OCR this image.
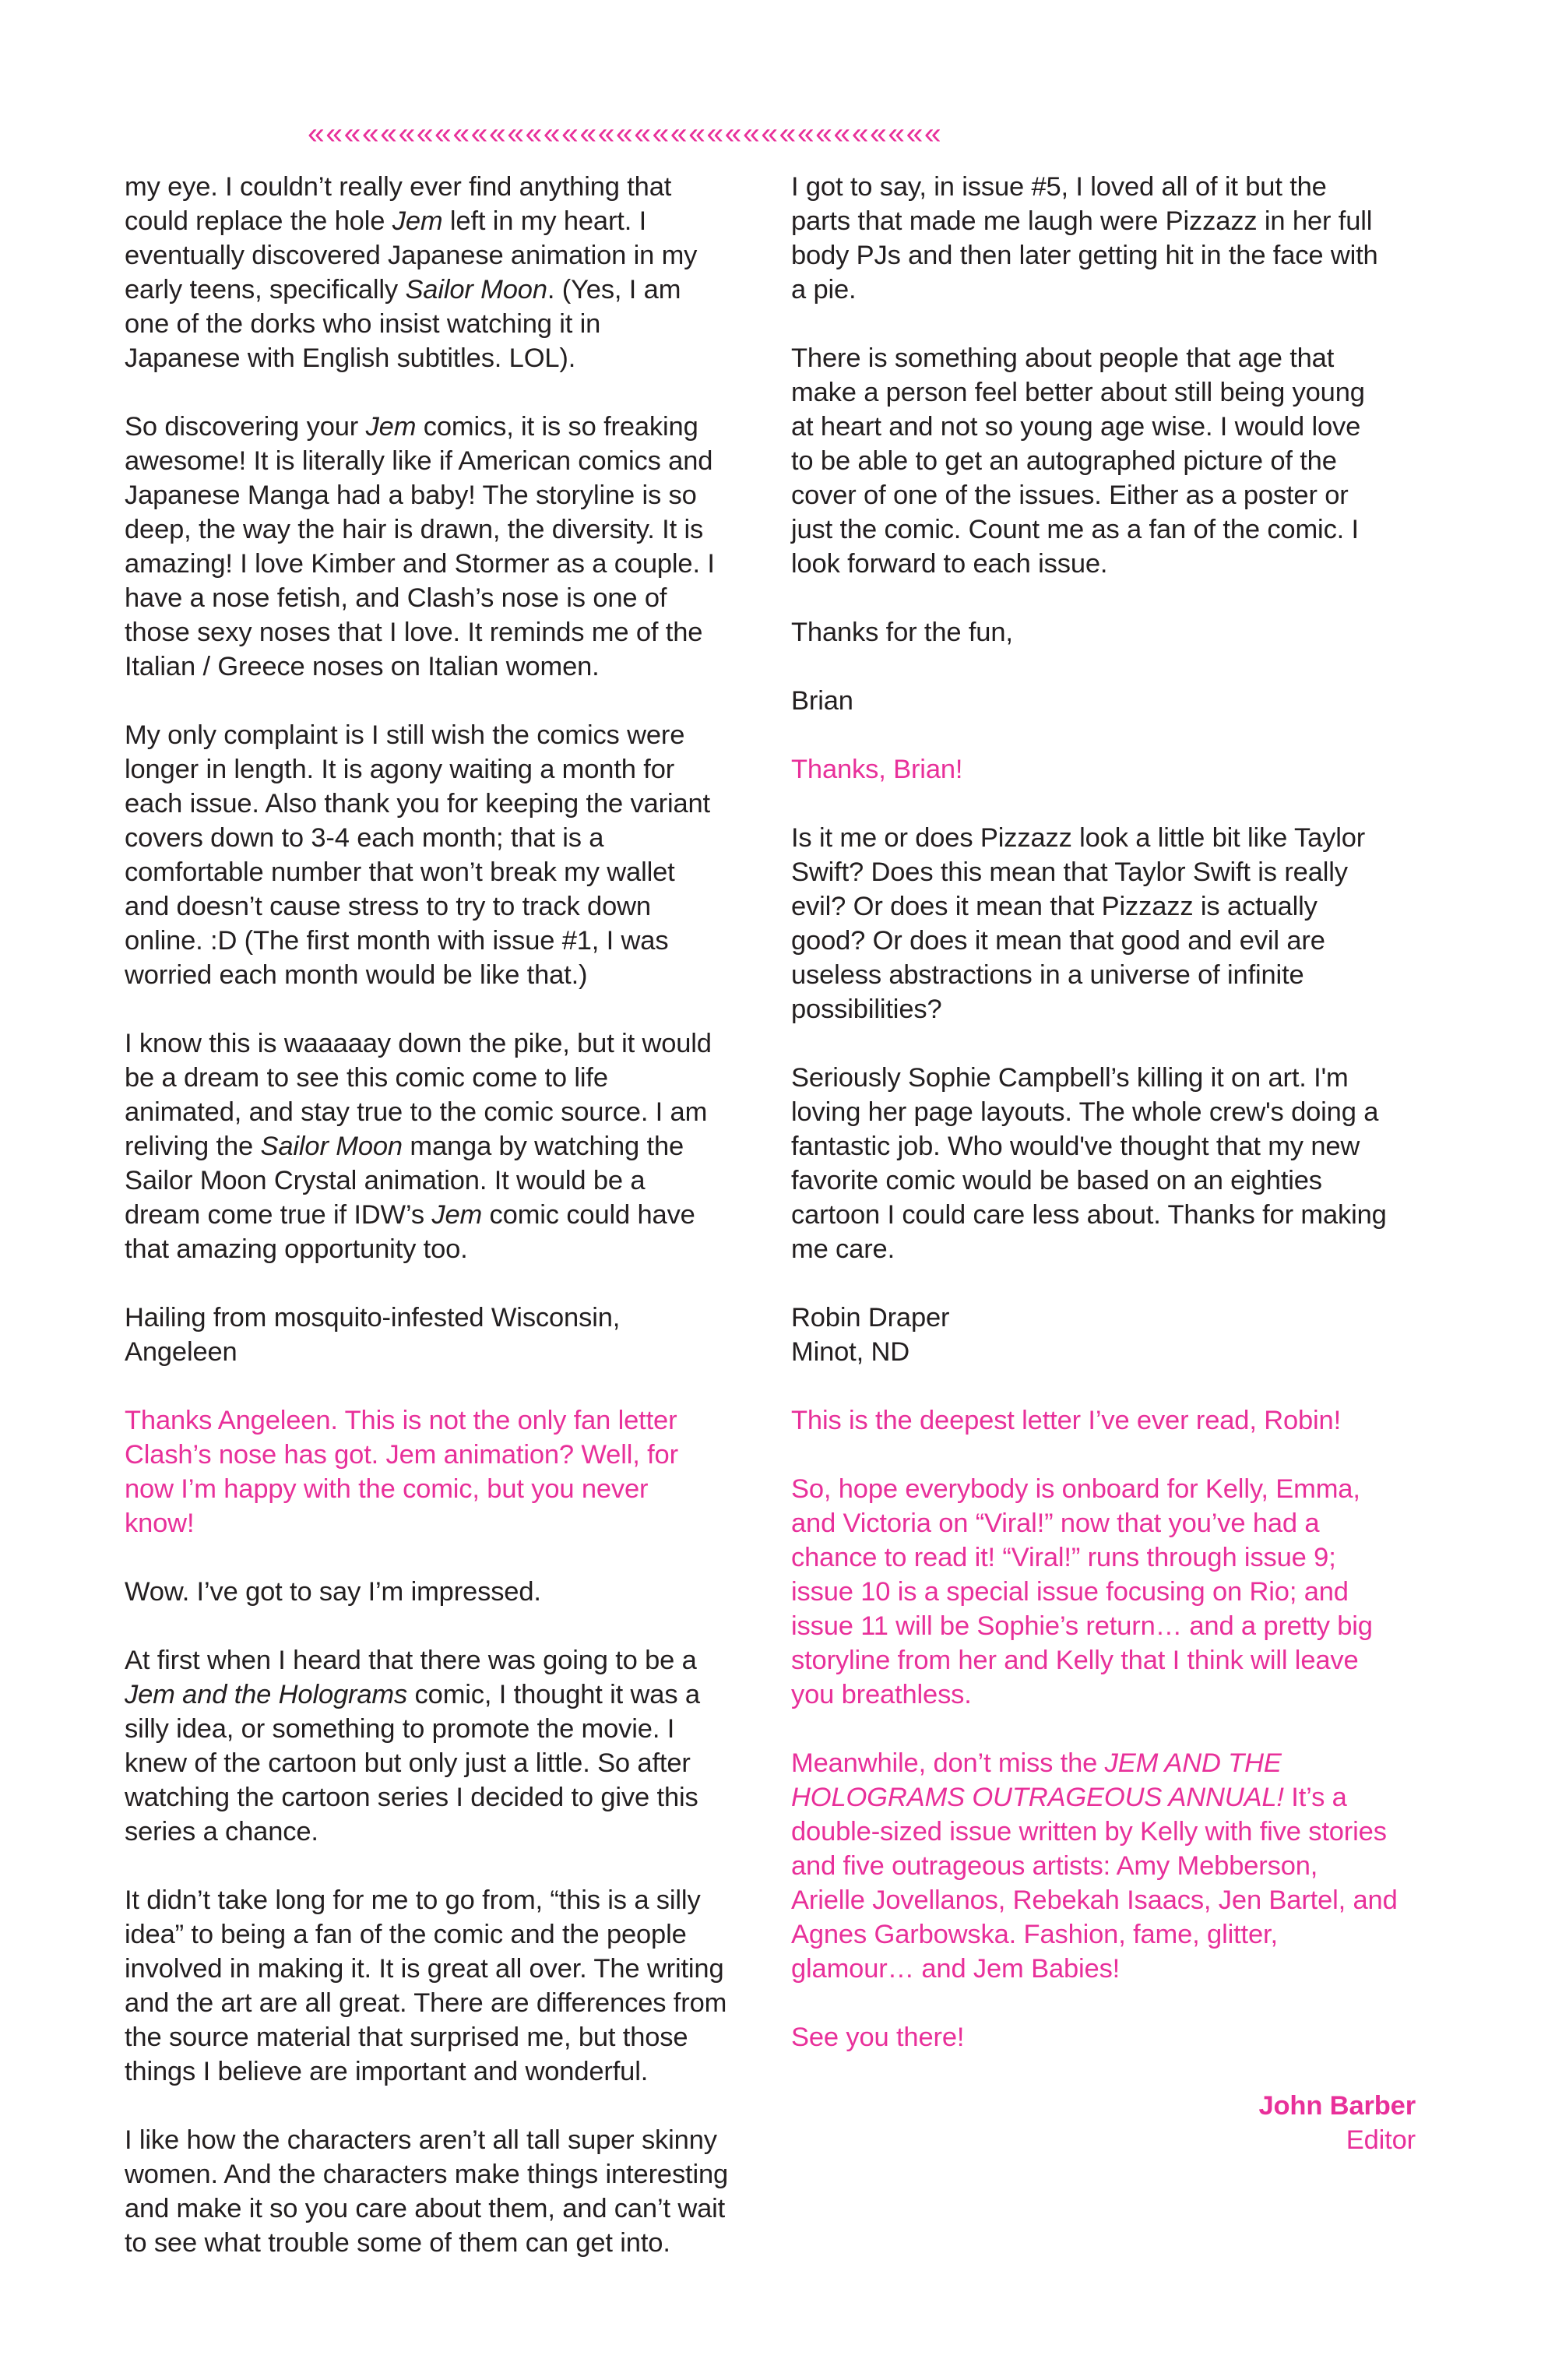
«««««««««««««««««««««««««««««««««««

my eye. I couldn’t really ever find anything that
could replace the hole Jem left in my heart. I
eventually discovered Japanese animation in my
early teens, specifically Sailor Moon. (Yes, I am
one of the dorks who insist watching it in
Japanese with English subtitles. LOL).

So discovering your Jem comics, it is so freaking
awesome! It is literally like if American comics and
Japanese Manga had a baby! The storyline is so
deep, the way the hair is drawn, the diversity. It is
amazing! I love Kimber and Stormer as a couple. I
have a nose fetish, and Clash’s nose is one of
those sexy noses that I love. It reminds me of the
Italian / Greece noses on Italian women.

My only complaint is I still wish the comics were
longer in length. It is agony waiting a month for
each issue. Also thank you for keeping the variant
covers down to 3-4 each month; that is a
comfortable number that won’t break my wallet
and doesn’t cause stress to try to track down
online. :D (The first month with issue #1, I was
worried each month would be like that.)

I know this is waaaaay down the pike, but it would
be a dream to see this comic come to life
animated, and stay true to the comic source. I am
reliving the Sailor Moon manga by watching the
Sailor Moon Crystal animation. It would be a
dream come true if IDW’s Jem comic could have
that amazing opportunity too.

Hailing from mosquito-infested Wisconsin,
Angeleen

Thanks Angeleen. This is not the only fan letter
Clash’s nose has got. Jem animation? Well, for
now I’m happy with the comic, but you never
know!

Wow. I’ve got to say I’m impressed.

At first when I heard that there was going to be a
Jem and the Holograms comic, I thought it was a
silly idea, or something to promote the movie. I
knew of the cartoon but only just a little. So after
watching the cartoon series I decided to give this
series a chance.

It didn’t take long for me to go from, “this is a silly
idea” to being a fan of the comic and the people
involved in making it. It is great all over. The writing
and the art are all great. There are differences from
the source material that surprised me, but those
things I believe are important and wonderful.

I like how the characters aren’t all tall super skinny
women. And the characters make things interesting
and make it so you care about them, and can’t wait
to see what trouble some of them can get into.

I got to say, in issue #5, I loved all of it but the
parts that made me laugh were Pizzazz in her full
body PJs and then later getting hit in the face with
a pie.

There is something about people that age that
make a person feel better about still being young
at heart and not so young age wise. I would love
to be able to get an autographed picture of the
cover of one of the issues. Either as a poster or
just the comic. Count me as a fan of the comic. I
look forward to each issue.

Thanks for the fun,

Brian

Thanks, Brian!

Is it me or does Pizzazz look a little bit like Taylor
Swift? Does this mean that Taylor Swift is really
evil? Or does it mean that Pizzazz is actually
good? Or does it mean that good and evil are
useless abstractions in a universe of infinite
possibilities?

Seriously Sophie Campbell’s killing it on art. I'm
loving her page layouts. The whole crew's doing a
fantastic job. Who would've thought that my new
favorite comic would be based on an eighties
cartoon I could care less about. Thanks for making
me care.

Robin Draper
Minot, ND

This is the deepest letter I’ve ever read, Robin!

So, hope everybody is onboard for Kelly, Emma,
and Victoria on “Viral!” now that you’ve had a
chance to read it! “Viral!” runs through issue 9;
issue 10 is a special issue focusing on Rio; and
issue 11 will be Sophie’s return… and a pretty big
storyline from her and Kelly that I think will leave
you breathless.

Meanwhile, don’t miss the JEM AND THE
HOLOGRAMS OUTRAGEOUS ANNUAL! It’s a
double-sized issue written by Kelly with five stories
and five outrageous artists: Amy Mebberson,
Arielle Jovellanos, Rebekah Isaacs, Jen Bartel, and
Agnes Garbowska. Fashion, fame, glitter,
glamour… and Jem Babies!

See you there!

John Barber
Editor
